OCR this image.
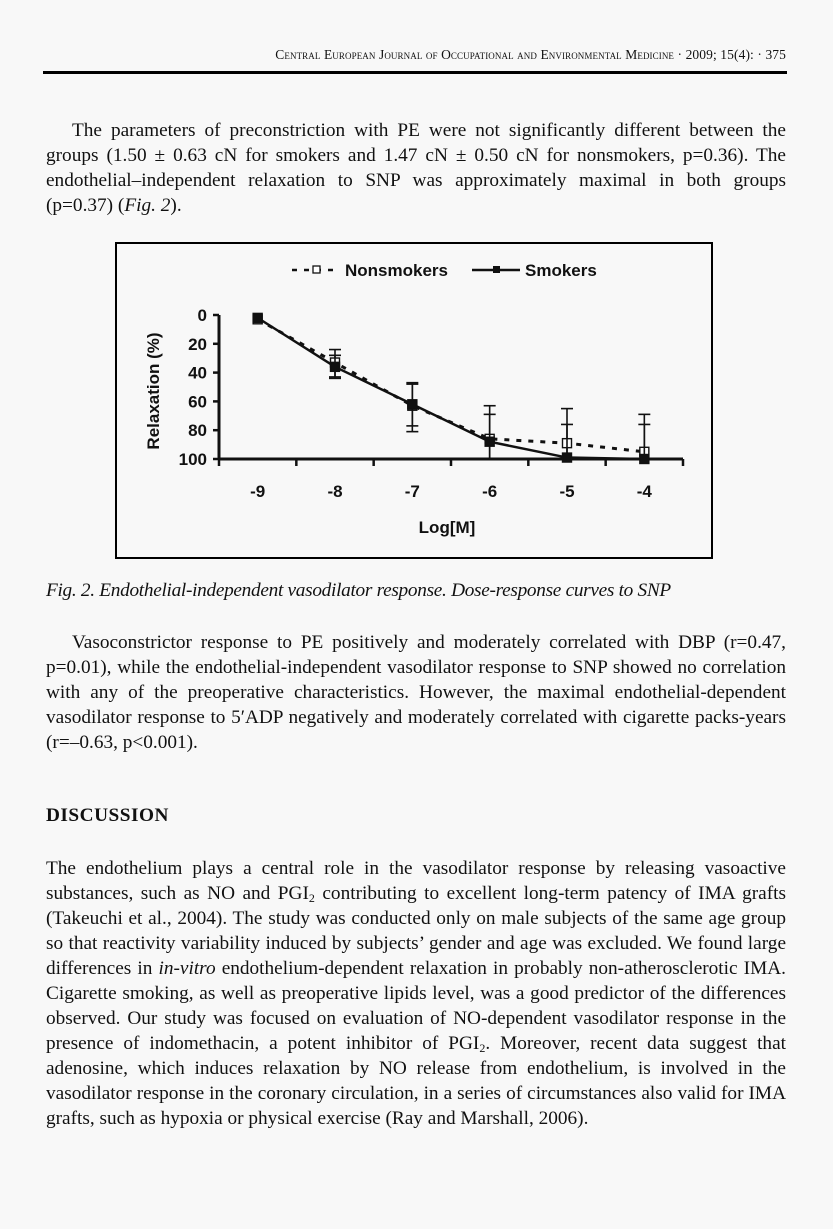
Central European Journal of Occupational and Environmental Medicine · 2009; 15(4): · 375

The parameters of preconstriction with PE were not significantly different between the groups (1.50 ± 0.63 cN for smokers and 1.47 cN ± 0.50 cN for nonsmokers, p=0.36). The endothelial–independent relaxation to SNP was approximately maximal in both groups (p=0.37) (Fig. 2).

Nonsmokers	Smokers
0
20
40
60
80
100
-9	-8	-7	-6	-5	-4
Relaxation (%)
Log[M]

Fig. 2. Endothelial-independent vasodilator response. Dose-response curves to SNP

Vasoconstrictor response to PE positively and moderately correlated with DBP (r=0.47, p=0.01), while the endothelial-independent vasodilator response to SNP showed no correlation with any of the preoperative characteristics. However, the maximal endothelial-dependent vasodilator response to 5′ADP negatively and moderately correlated with cigarette packs-years (r=–0.63, p<0.001).

DISCUSSION

The endothelium plays a central role in the vasodilator response by releasing vasoactive substances, such as NO and $PGI_2$ contributing to excellent long-term patency of IMA grafts (Takeuchi et al., 2004). The study was conducted only on male subjects of the same age group so that reactivity variability induced by subjects’ gender and age was excluded. We found large differences in in-vitro endothelium-dependent relaxation in probably non-atherosclerotic IMA. Cigarette smoking, as well as preoperative lipids level, was a good predictor of the differences observed. Our study was focused on evaluation of NO-dependent vasodilator response in the presence of indomethacin, a potent inhibitor of $PGI_2$. Moreover, recent data suggest that adenosine, which induces relaxation by NO release from endothelium, is involved in the vasodilator response in the coronary circulation, in a series of circumstances also valid for IMA grafts, such as hypoxia or physical exercise (Ray and Marshall, 2006).
